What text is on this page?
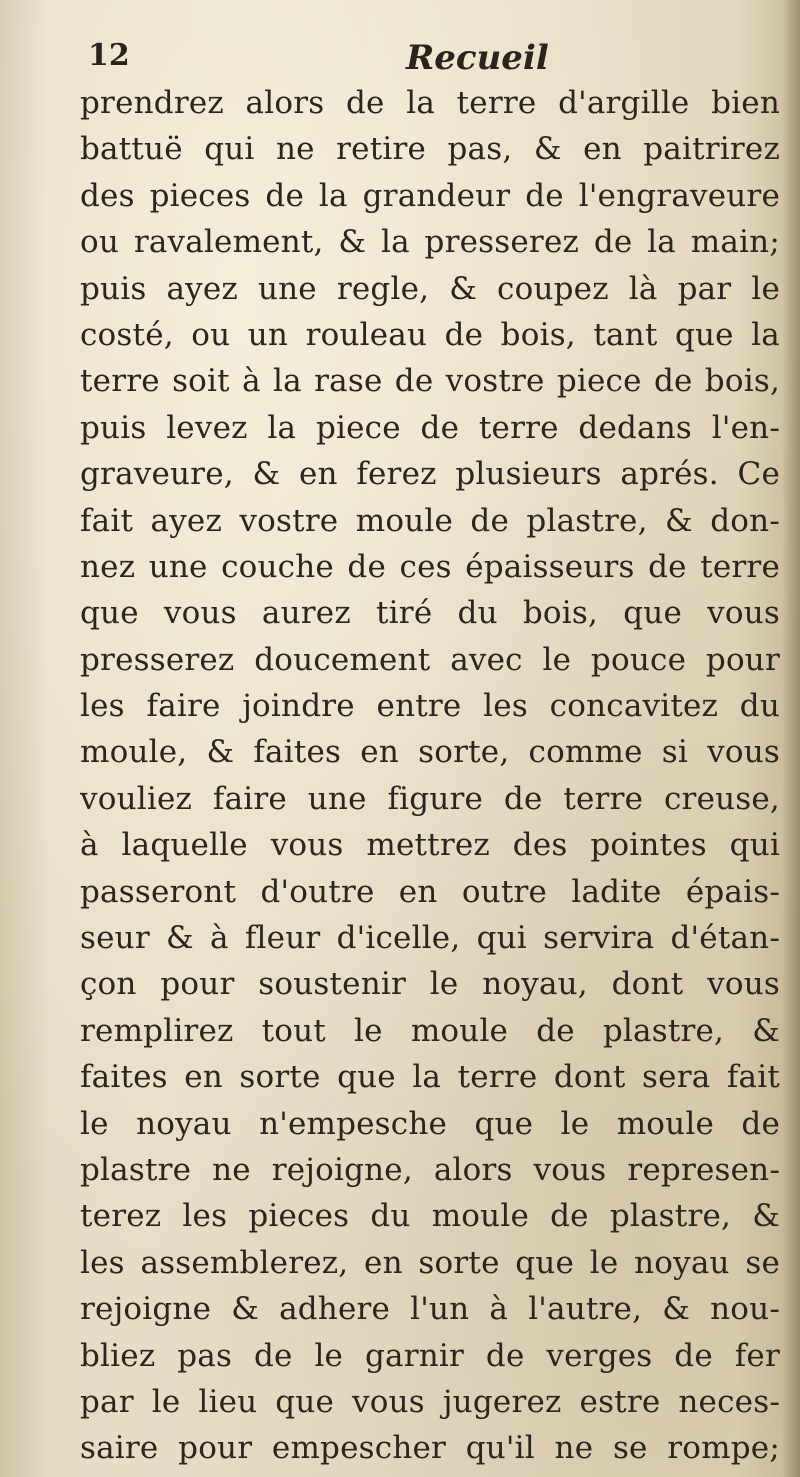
12	Recueil
prendrez alors de la terre d'argille bien
battuë qui ne retire pas, & en paitrirez
des pieces de la grandeur de l'engraveure
ou ravalement, & la presserez de la main;
puis ayez une regle, & coupez là par le
costé, ou un rouleau de bois, tant que la
terre soit à la rase de vostre piece de bois,
puis levez la piece de terre dedans l'en-
graveure, & en ferez plusieurs aprés. Ce
fait ayez vostre moule de plastre, & don-
nez une couche de ces épaisseurs de terre
que vous aurez tiré du bois, que vous
presserez doucement avec le pouce pour
les faire joindre entre les concavitez du
moule, & faites en sorte, comme si vous
vouliez faire une figure de terre creuse,
à laquelle vous mettrez des pointes qui
passeront d'outre en outre ladite épais-
seur & à fleur d'icelle, qui servira d'étan-
çon pour soustenir le noyau, dont vous
remplirez tout le moule de plastre, &
faites en sorte que la terre dont sera fait
le noyau n'empesche que le moule de
plastre ne rejoigne, alors vous represen-
terez les pieces du moule de plastre, &
les assemblerez, en sorte que le noyau se
rejoigne & adhere l'un à l'autre, & nou-
bliez pas de le garnir de verges de fer
par le lieu que vous jugerez estre neces-
saire pour empescher qu'il ne se rompe;
